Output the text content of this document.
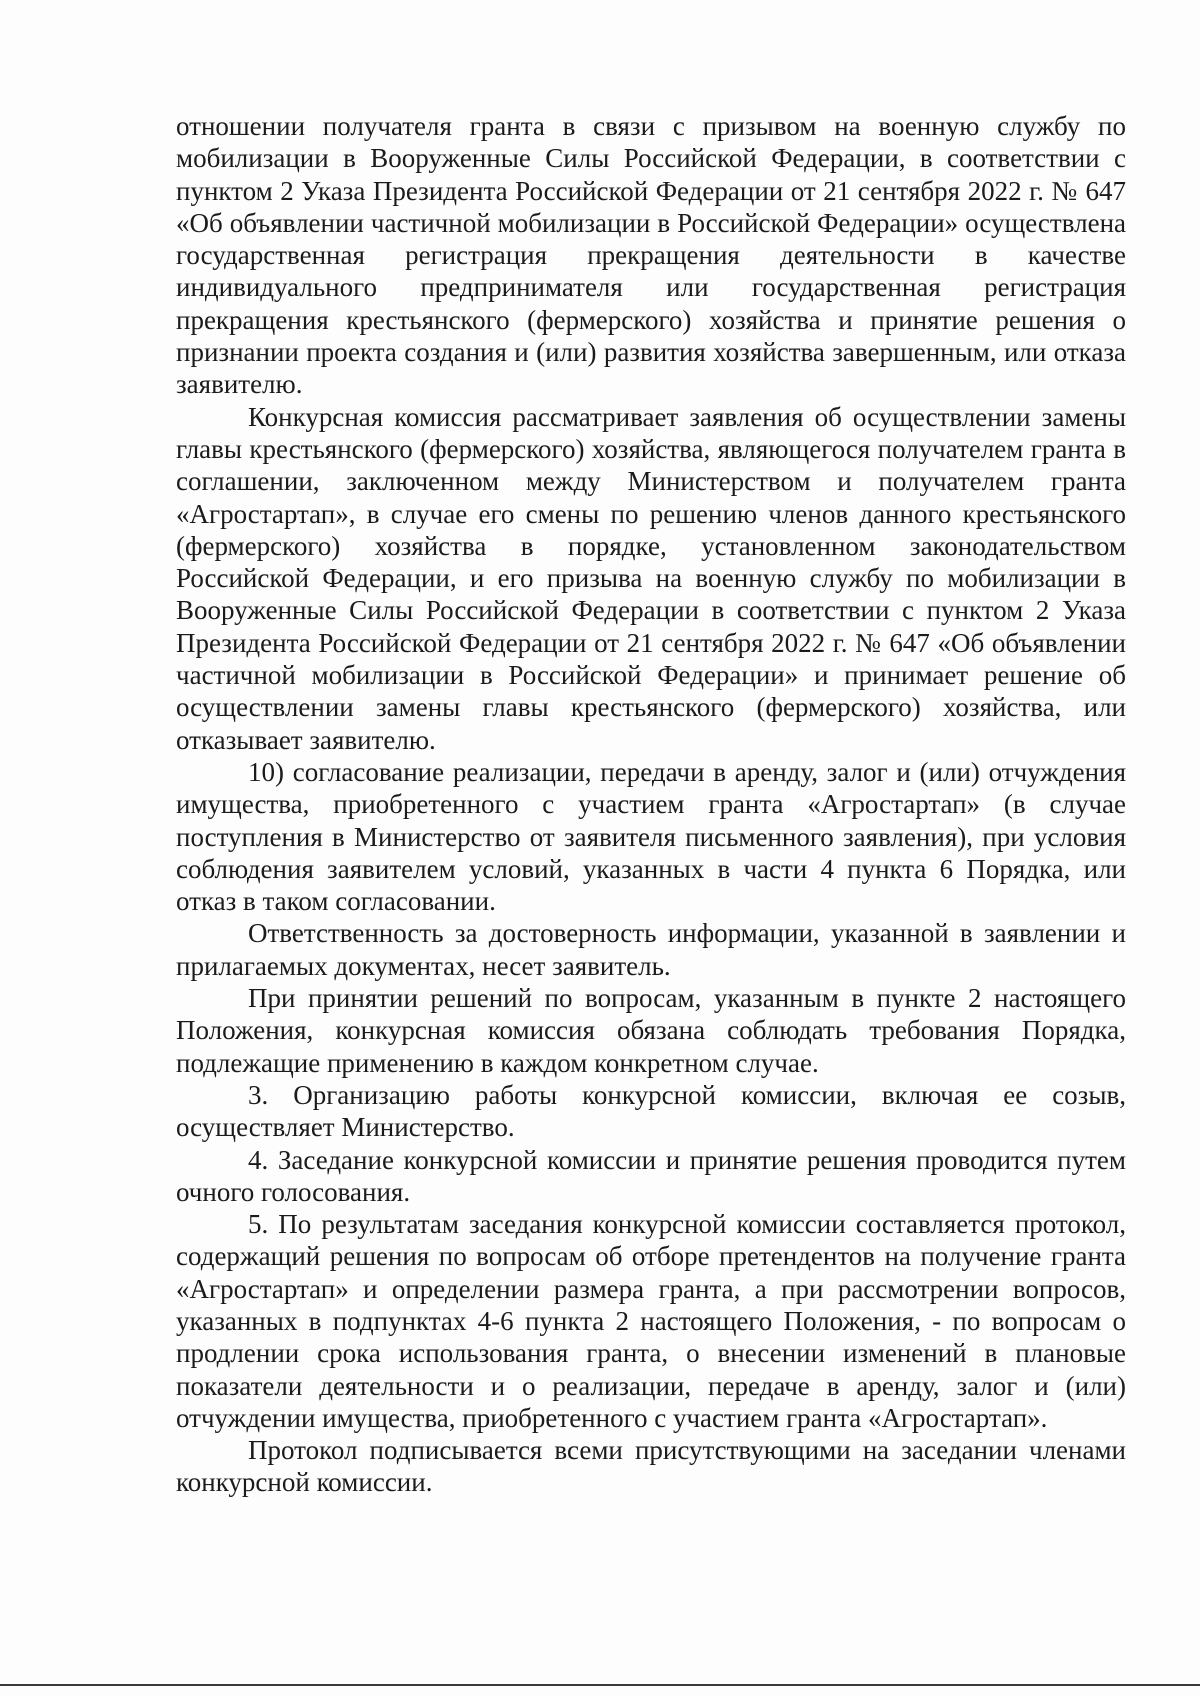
отношении получателя гранта в связи с призывом на военную службу по мобилизации в Вооруженные Силы Российской Федерации, в соответствии с пунктом 2 Указа Президента Российской Федерации от 21 сентября 2022 г. № 647 «Об объявлении частичной мобилизации в Российской Федерации» осуществлена государственная регистрация прекращения деятельности в качестве индивидуального предпринимателя или государственная регистрация прекращения крестьянского (фермерского) хозяйства и принятие решения о признании проекта создания и (или) развития хозяйства завершенным, или отказа заявителю.

Конкурсная комиссия рассматривает заявления об осуществлении замены главы крестьянского (фермерского) хозяйства, являющегося получателем гранта в соглашении, заключенном между Министерством и получателем гранта «Агростартап», в случае его смены по решению членов данного крестьянского (фермерского) хозяйства в порядке, установленном законодательством Российской Федерации, и его призыва на военную службу по мобилизации в Вооруженные Силы Российской Федерации в соответствии с пунктом 2 Указа Президента Российской Федерации от 21 сентября 2022 г. № 647 «Об объявлении частичной мобилизации в Российской Федерации» и принимает решение об осуществлении замены главы крестьянского (фермерского) хозяйства, или отказывает заявителю.

10) согласование реализации, передачи в аренду, залог и (или) отчуждения имущества, приобретенного с участием гранта «Агростартап» (в случае поступления в Министерство от заявителя письменного заявления), при условия соблюдения заявителем условий, указанных в части 4 пункта 6 Порядка, или отказ в таком согласовании.

Ответственность за достоверность информации, указанной в заявлении и прилагаемых документах, несет заявитель.

При принятии решений по вопросам, указанным в пункте 2 настоящего Положения, конкурсная комиссия обязана соблюдать требования Порядка, подлежащие применению в каждом конкретном случае.

3. Организацию работы конкурсной комиссии, включая ее созыв, осуществляет Министерство.

4. Заседание конкурсной комиссии и принятие решения проводится путем очного голосования.

5. По результатам заседания конкурсной комиссии составляется протокол, содержащий решения по вопросам об отборе претендентов на получение гранта «Агростартап» и определении размера гранта, а при рассмотрении вопросов, указанных в подпунктах 4-6 пункта 2 настоящего Положения, - по вопросам о продлении срока использования гранта, о внесении изменений в плановые показатели деятельности и о реализации, передаче в аренду, залог и (или) отчуждении имущества, приобретенного с участием гранта «Агростартап».

Протокол подписывается всеми присутствующими на заседании членами конкурсной комиссии.
